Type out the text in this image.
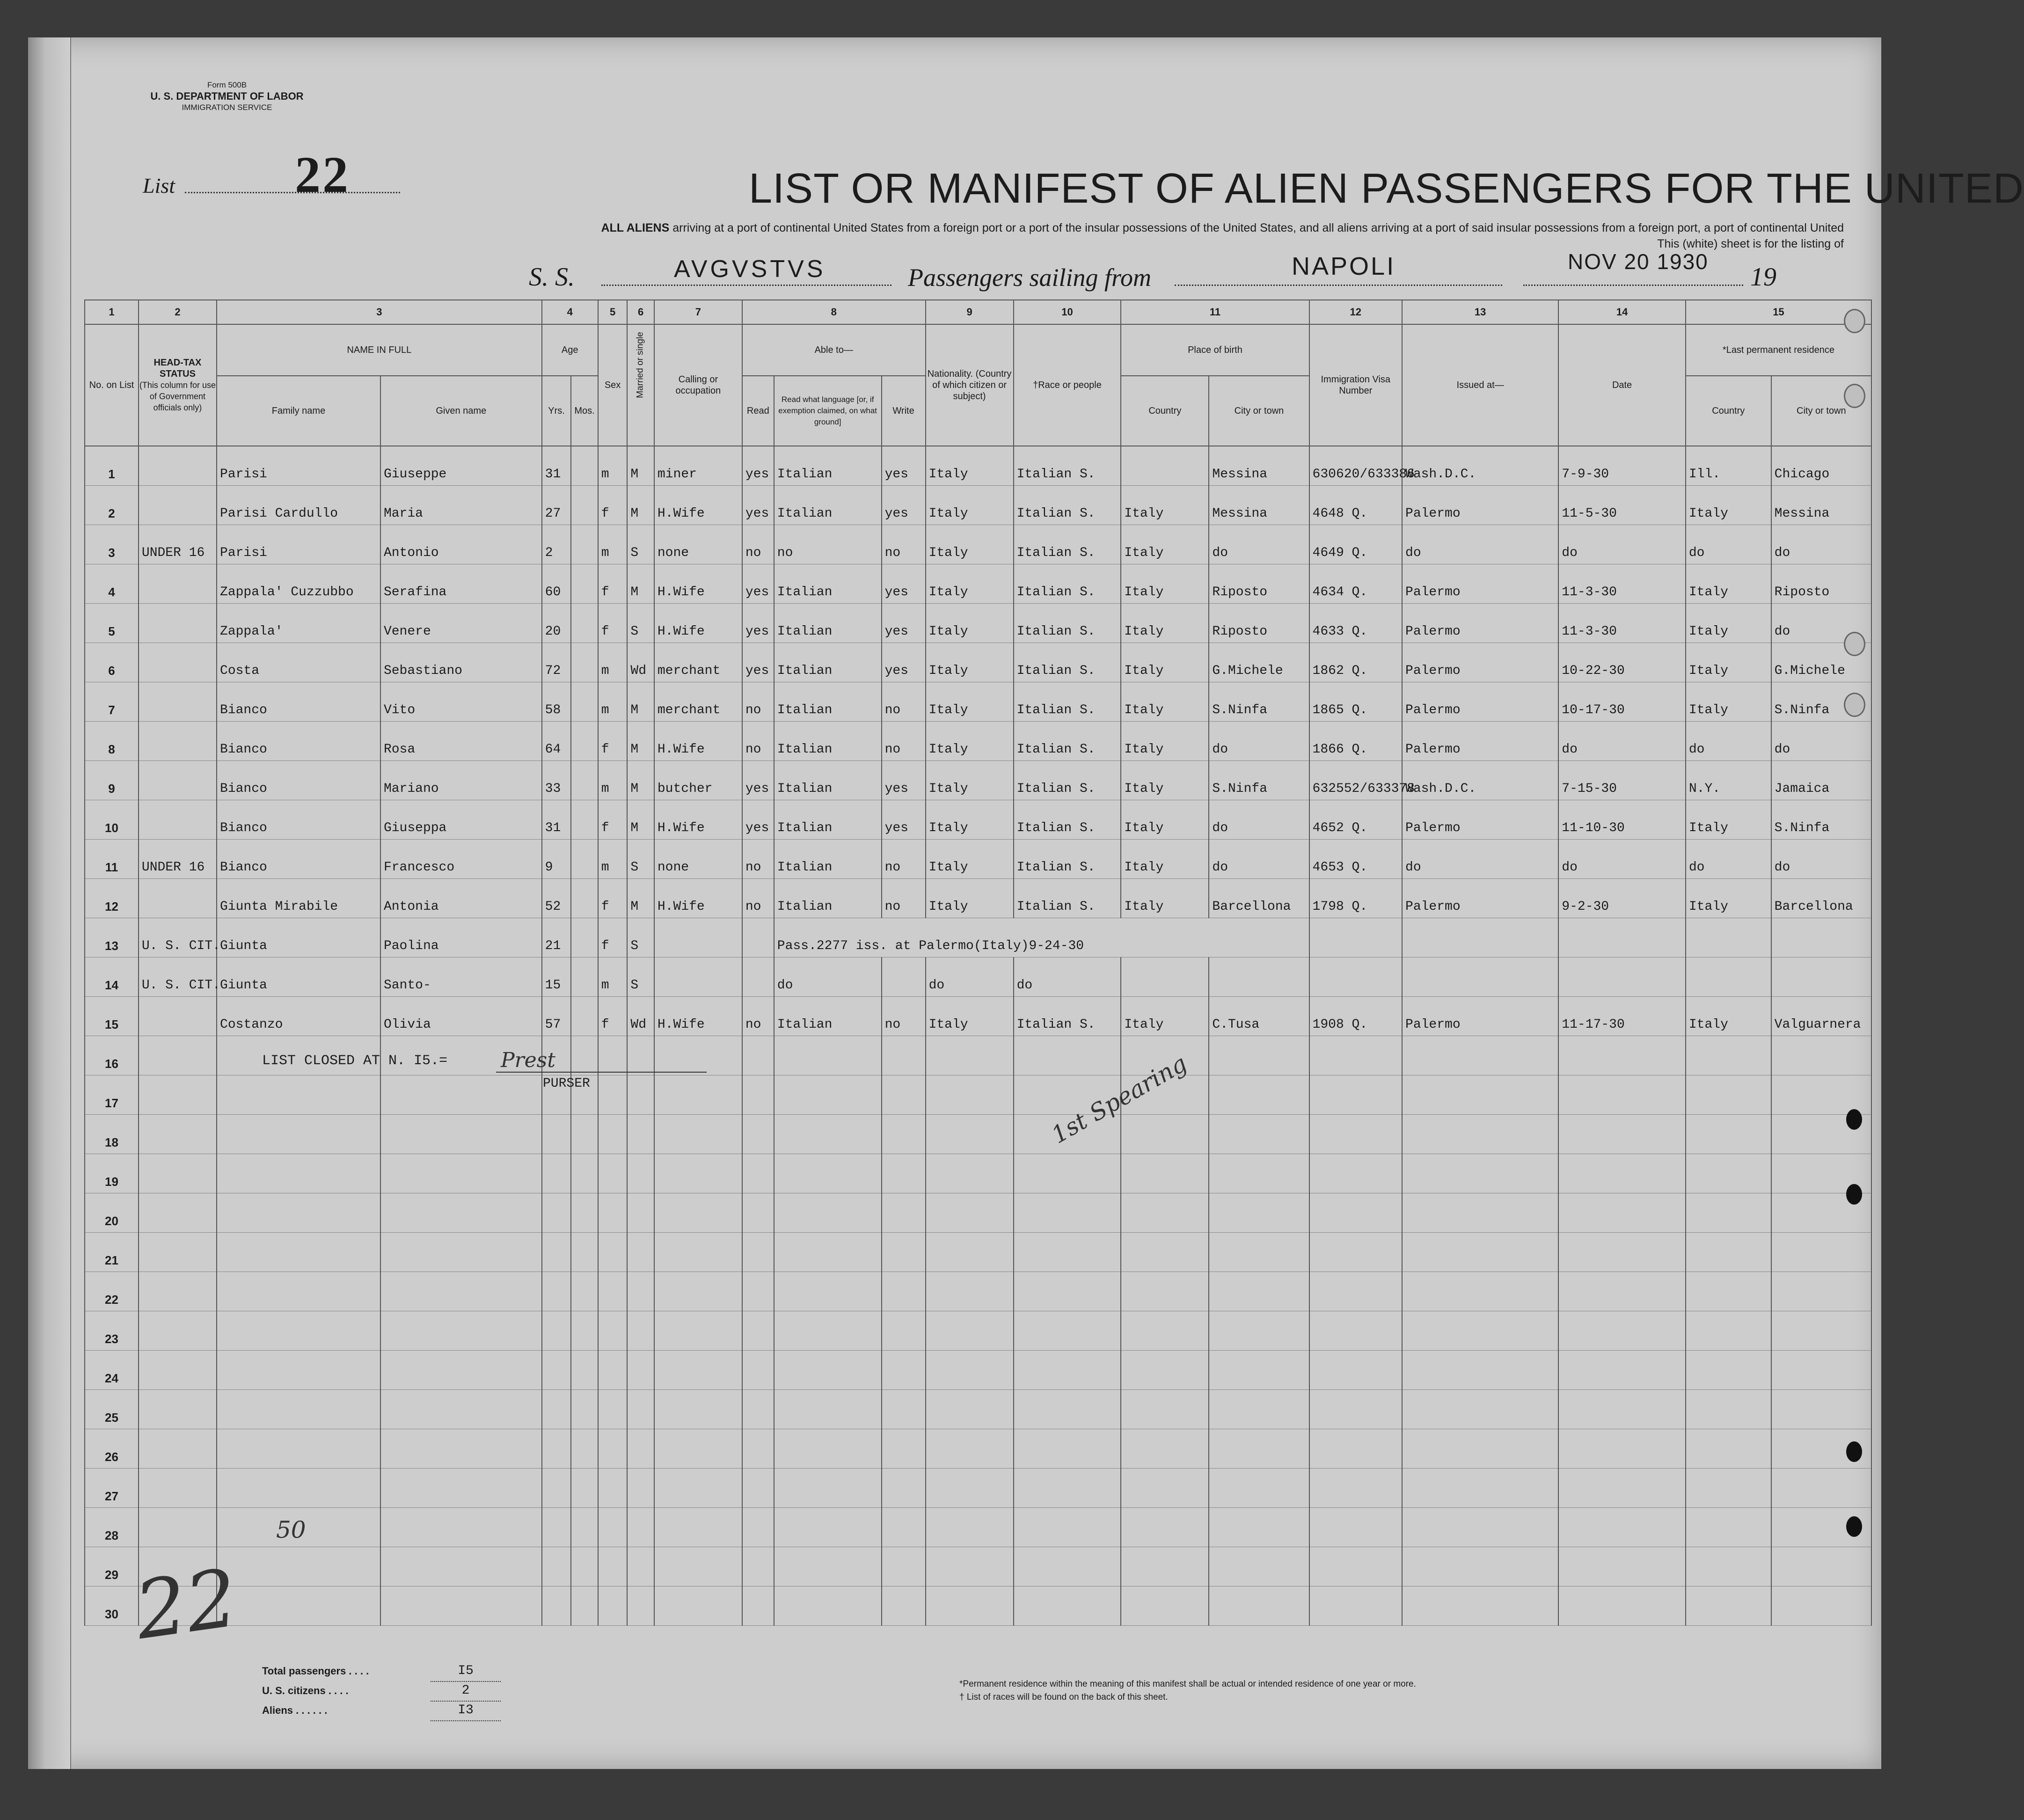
Form 500B
U. S. DEPARTMENT OF LABOR
IMMIGRATION SERVICE
List 22	LIST OR MANIFEST OF ALIEN PASSENGERS FOR THE UNITED
ALL ALIENS arriving at a port of continental United States from a foreign port or a port of the insular possessions of the United States, and all aliens arriving at a port of said insular possessions from a foreign port, a port of continental United
This (white) sheet is for the listing of
S. S.	AVGVSTVS	Passengers sailing from	NAPOLI	NOV 20 1930
19
1	2	3		4		5	6	7	8			9	10	11		12	13	14	15	
No. on List	HEAD-TAX STATUS
(This column for use of Government officials only)	NAME IN FULL		Age		Sex	Married or single	Calling or occupation	Able to—			Nationality. (Country of which citizen or subject)	†Race or people	Place of birth		Immigration Visa Number	Issued at—	Date	*Last permanent residence	
		Family name	Given name	Yrs.	Mos.				Read	Read what language [or, if exemption claimed, on what ground]	Write			Country	City or town				Country	City or town
1		Parisi	Giuseppe	31		m	M	miner	yes	Italian	yes	Italy	Italian S.		Messina	630620/633386	Wash.D.C.	7-9-30	Ill.	Chicago
2		Parisi Cardullo	Maria	27		f	M	H.Wife	yes	Italian	yes	Italy	Italian S.	Italy	Messina	4648 Q.	Palermo	11-5-30	Italy	Messina
3	UNDER 16	Parisi	Antonio	2		m	S	none	no	no	no	Italy	Italian S.	Italy	do	4649 Q.	do	do	do	do
4		Zappala' Cuzzubbo	Serafina	60		f	M	H.Wife	yes	Italian	yes	Italy	Italian S.	Italy	Riposto	4634 Q.	Palermo	11-3-30	Italy	Riposto
5		Zappala'	Venere	20		f	S	H.Wife	yes	Italian	yes	Italy	Italian S.	Italy	Riposto	4633 Q.	Palermo	11-3-30	Italy	do
6		Costa	Sebastiano	72		m	Wd	merchant	yes	Italian	yes	Italy	Italian S.	Italy	G.Michele	1862 Q.	Palermo	10-22-30	Italy	G.Michele
7		Bianco	Vito	58		m	M	merchant	no	Italian	no	Italy	Italian S.	Italy	S.Ninfa	1865 Q.	Palermo	10-17-30	Italy	S.Ninfa
8		Bianco	Rosa	64		f	M	H.Wife	no	Italian	no	Italy	Italian S.	Italy	do	1866 Q.	Palermo	do	do	do
9		Bianco	Mariano	33		m	M	butcher	yes	Italian	yes	Italy	Italian S.	Italy	S.Ninfa	632552/633378	Wash.D.C.	7-15-30	N.Y.	Jamaica
10		Bianco	Giuseppa	31		f	M	H.Wife	yes	Italian	yes	Italy	Italian S.	Italy	do	4652 Q.	Palermo	11-10-30	Italy	S.Ninfa
11	UNDER 16	Bianco	Francesco	9		m	S	none	no	Italian	no	Italy	Italian S.	Italy	do	4653 Q.	do	do	do	do
12		Giunta Mirabile	Antonia	52		f	M	H.Wife	no	Italian	no	Italy	Italian S.	Italy	Barcellona	1798 Q.	Palermo	9-2-30	Italy	Barcellona
13	U. S. CIT.	Giunta	Paolina	21		f	S			Pass.2277 iss. at Palermo(Italy)9-24-30										
14	U. S. CIT.	Giunta	Santo-	15		m	S			do		do	do							
15		Costanzo	Olivia	57		f	Wd	H.Wife	no	Italian	no	Italy	Italian S.	Italy	C.Tusa	1908 Q.	Palermo	11-17-30	Italy	Valguarnera
16																				
17																				
18																				
19																				
20																				
21																				
22																				
23																				
24																				
25																				
26																				
27																				
28																				
29																				
30																				
LIST CLOSED AT N. I5.=	Prest
PURSER	1st Spearing
22
50
Total passengers . . . .	I5
U. S. citizens . . . .	2
Aliens . . . . . .	I3
*Permanent residence within the meaning of this manifest shall be actual or intended residence of one year or more.
† List of races will be found on the back of this sheet.
